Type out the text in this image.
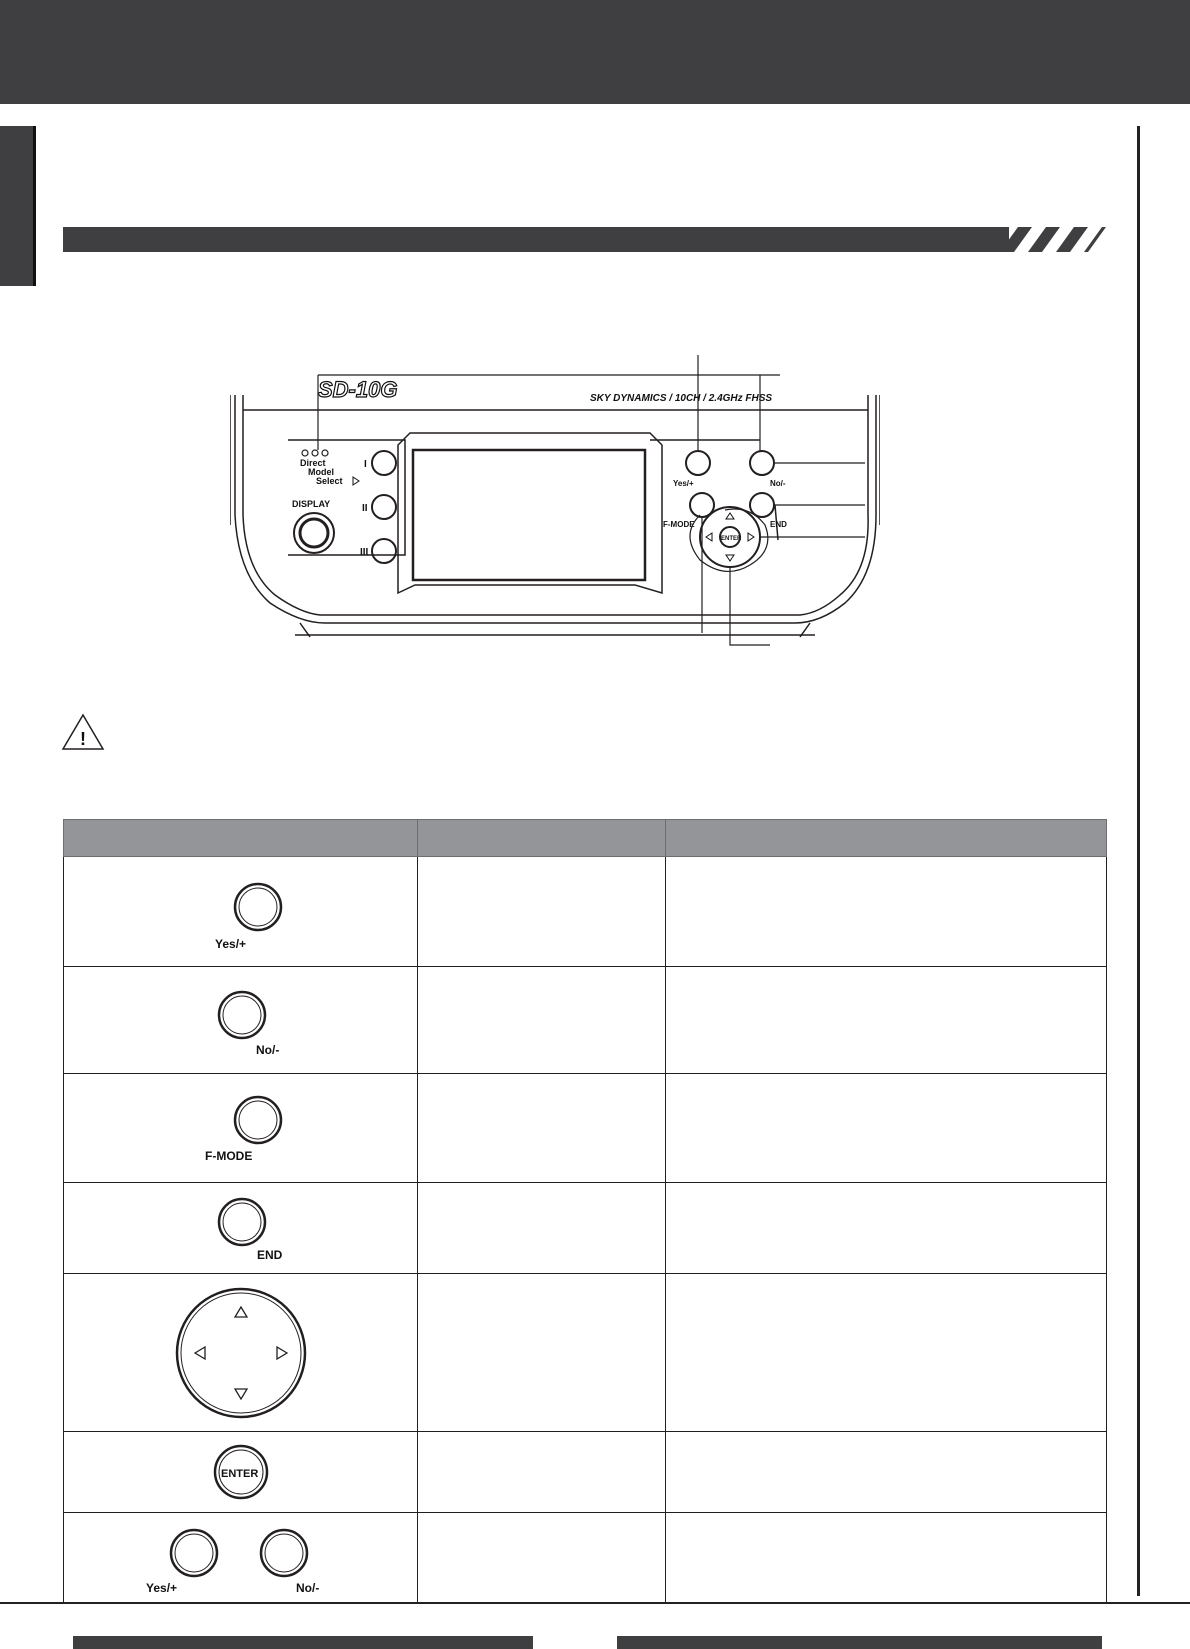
SD-10G	SKY DYNAMICS / 10CH / 2.4GHz FHSS
Direct
Model
Select
DISPLAY
I
II
III
Yes/+	No/-
F-MODE	END
ENTER
!

Yes/+		

No/-		

F-MODE		

END		

ENTER		

Yes/+ No/-		
